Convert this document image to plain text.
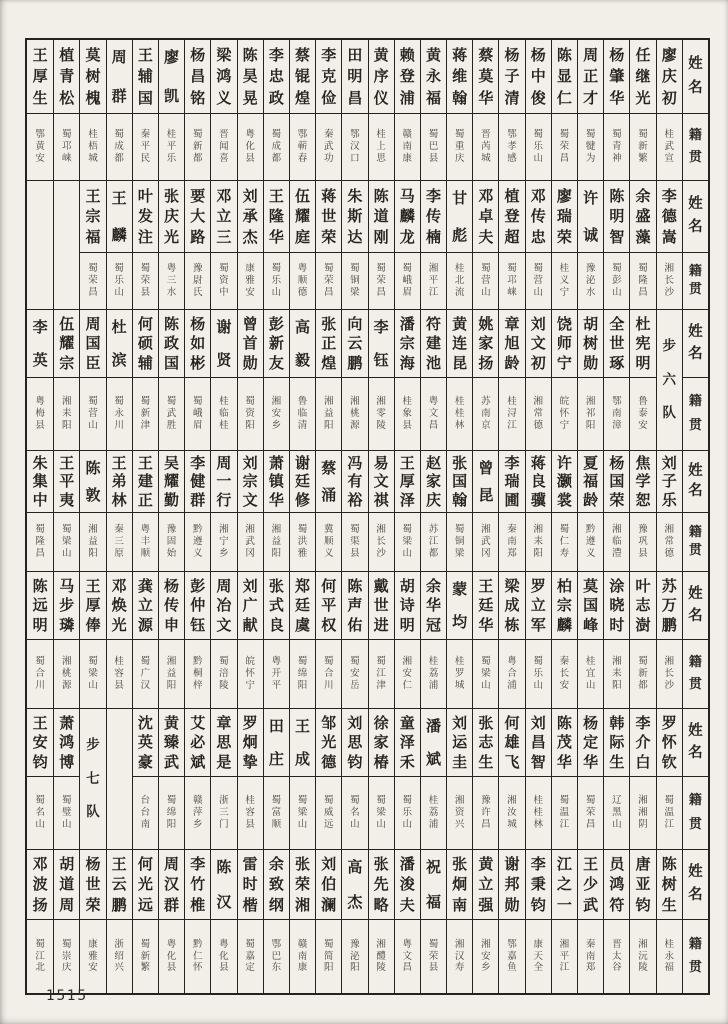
王
厚
生
鄂
黄
安
植
青
松
蜀
邛
崃
莫
树
槐
桂
梧
城
周
群
蜀
成
都
王
辅
国
秦
平
民
廖
凯
桂
平
乐
杨
昌
铭
蜀
新
都
梁
鸿
义
晋
闻
喜
陈
昊
晃
粤
化
县
李
忠
政
蜀
成
都
蔡
锟
煌
鄂
蕲
春
李
克
俭
秦
武
功
田
明
昌
鄂
汉
口
黄
序
仪
桂
上
思
赖
登
浦
赣
南
康
黄
永
福
蜀
巴
县
蒋
维
翰
蜀
重
庆
蔡
莫
华
晋
芮
城
杨
子
清
鄂
孝
感
杨
中
俊
蜀
乐
山
陈
显
仁
蜀
荣
昌
周
正
才
蜀
犍
为
杨
肇
华
蜀
青
神
任
继
光
蜀
新
繁
廖
庆
初
桂
武
宣
姓
名
籍
贯
王
宗
福
蜀
荣
昌
王
麟
蜀
乐
山
叶
发
注
蜀
荣
县
张
庆
光
粤
三
水
要
大
路
豫
尉
氏
邓
立
三
蜀
资
中
刘
承
杰
康
雅
安
王
隆
华
蜀
乐
山
伍
耀
庭
粤
顺
德
蒋
世
荣
蜀
荣
昌
朱
斯
达
蜀
铜
梁
陈
道
刚
蜀
荣
昌
马
麟
龙
蜀
峨
眉
李
传
楠
湘
平
江
甘
彪
桂
北
流
邓
卓
夫
蜀
营
山
植
登
超
蜀
邛
崃
邓
传
忠
蜀
营
山
廖
瑞
荣
桂
义
宁
许
诚
豫
泌
水
陈
明
智
蜀
彭
山
余
盛
藻
蜀
隆
昌
李
德
嵩
湘
长
沙
姓
名
籍
贯
李
英
粤
梅
县
伍
耀
宗
湘
耒
阳
周
国
臣
蜀
营
山
杜
滨
蜀
永
川
何
硕
辅
蜀
新
津
陈
政
国
蜀
武
胜
杨
如
彬
蜀
峨
眉
谢
贤
桂
临
桂
曾
首
勋
蜀
资
阳
彭
新
友
湘
安
乡
高
毅
鲁
临
清
张
正
煌
湘
益
阳
向
云
鹏
湘
桃
源
李
钰
湘
零
陵
潘
宗
海
桂
象
县
符
建
池
粤
文
昌
黄
连
昆
桂
桂
林
姚
家
扬
苏
南
京
章
旭
龄
桂
浔
江
刘
文
初
湘
常
德
饶
师
宁
皖
怀
宁
胡
树
勋
湘
祁
阳
全
世
琢
鄂
南
漳
杜
宪
明
鲁
泰
安
步
六
队
姓
名
籍
贯
朱
集
中
蜀
隆
昌
王
平
夷
蜀
梁
山
陈
敦
湘
益
阳
王
弟
林
秦
三
原
王
建
正
粤
丰
顺
吴
耀
勤
豫
固
始
李
健
群
黔
遵
义
周
一
行
湘
宁
乡
刘
宗
文
湘
武
冈
萧
镇
华
湘
益
阳
谢
廷
修
蜀
洪
雅
蔡
涌
冀
顺
义
冯
有
裕
蜀
渠
县
易
文
祺
湘
长
沙
王
厚
泽
蜀
梁
山
赵
家
庆
苏
江
都
张
国
翰
蜀
铜
梁
曾
昆
湘
武
冈
李
瑞
圃
秦
南
郑
蒋
良
骥
湘
耒
阳
许
灏
裳
蜀
仁
寿
夏
福
龄
黔
遵
义
杨
国
荣
湘
临
澧
焦
学
恕
豫
巩
县
刘
子
乐
湘
常
德
姓
名
籍
贯
陈
远
明
蜀
合
川
马
步
璘
湘
桃
源
王
厚
俸
蜀
梁
山
邓
焕
光
桂
容
县
龚
立
源
蜀
广
汉
杨
传
申
湘
益
阳
彭
仲
钰
黔
桐
梓
周
冶
文
蜀
涪
陵
刘
广
献
皖
怀
宁
张
式
良
粤
开
平
郑
廷
虞
蜀
绵
阳
何
平
权
蜀
合
川
陈
声
佑
蜀
安
岳
戴
世
进
蜀
江
津
胡
诗
明
湘
安
仁
余
华
冠
桂
荔
浦
蒙
均
桂
罗
城
王
廷
华
蜀
梁
山
梁
成
栋
粤
合
浦
罗
立
军
蜀
乐
山
柏
宗
麟
秦
长
安
莫
国
峰
桂
宜
山
涂
晓
时
湘
耒
阳
叶
志
澍
蜀
新
都
苏
万
鹏
湘
长
沙
姓
名
籍
贯
王
安
钧
蜀
名
山
萧
鸿
博
蜀
璧
山
步
七
队
沈
英
豪
台
台
南
黄
臻
武
蜀
绵
阳
艾
必
斌
赣
萍
乡
章
思
是
浙
三
门
罗
炯
挚
桂
容
县
田
庄
蜀
富
顺
王
成
蜀
梁
山
邹
光
德
蜀
威
远
刘
思
钧
蜀
名
山
徐
家
椿
蜀
梁
山
童
泽
禾
蜀
乐
山
潘
斌
桂
荔
浦
刘
运
圭
湘
资
兴
张
志
生
豫
许
昌
何
雄
飞
湘
汝
城
刘
昌
智
桂
桂
林
陈
茂
华
蜀
温
江
杨
定
华
蜀
荣
昌
韩
际
生
辽
黑
山
李
介
白
湘
湘
阴
罗
怀
钦
蜀
温
江
姓
名
籍
贯
邓
波
扬
蜀
江
北
胡
道
周
蜀
崇
庆
杨
世
荣
康
雅
安
王
云
鹏
浙
绍
兴
何
光
远
蜀
新
繁
周
汉
群
粤
化
县
李
竹
椎
黔
仁
怀
陈
汉
粤
化
县
雷
时
楷
蜀
嘉
定
余
致
纲
鄂
巴
东
张
荣
湘
赣
南
康
刘
伯
澜
蜀
简
阳
高
杰
豫
泌
阳
张
先
略
湘
醴
陵
潘
浚
夫
粤
文
昌
祝
福
蜀
荣
县
张
炯
南
湘
汉
寿
黄
立
强
湘
安
乡
谢
邦
勋
鄂
嘉
鱼
李
秉
钧
康
天
全
江
之
一
湘
平
江
王
少
武
秦
南
郑
员
鸿
符
晋
太
谷
唐
亚
钧
湘
沅
陵
陈
树
生
桂
永
福
姓
名
籍
贯
1515
